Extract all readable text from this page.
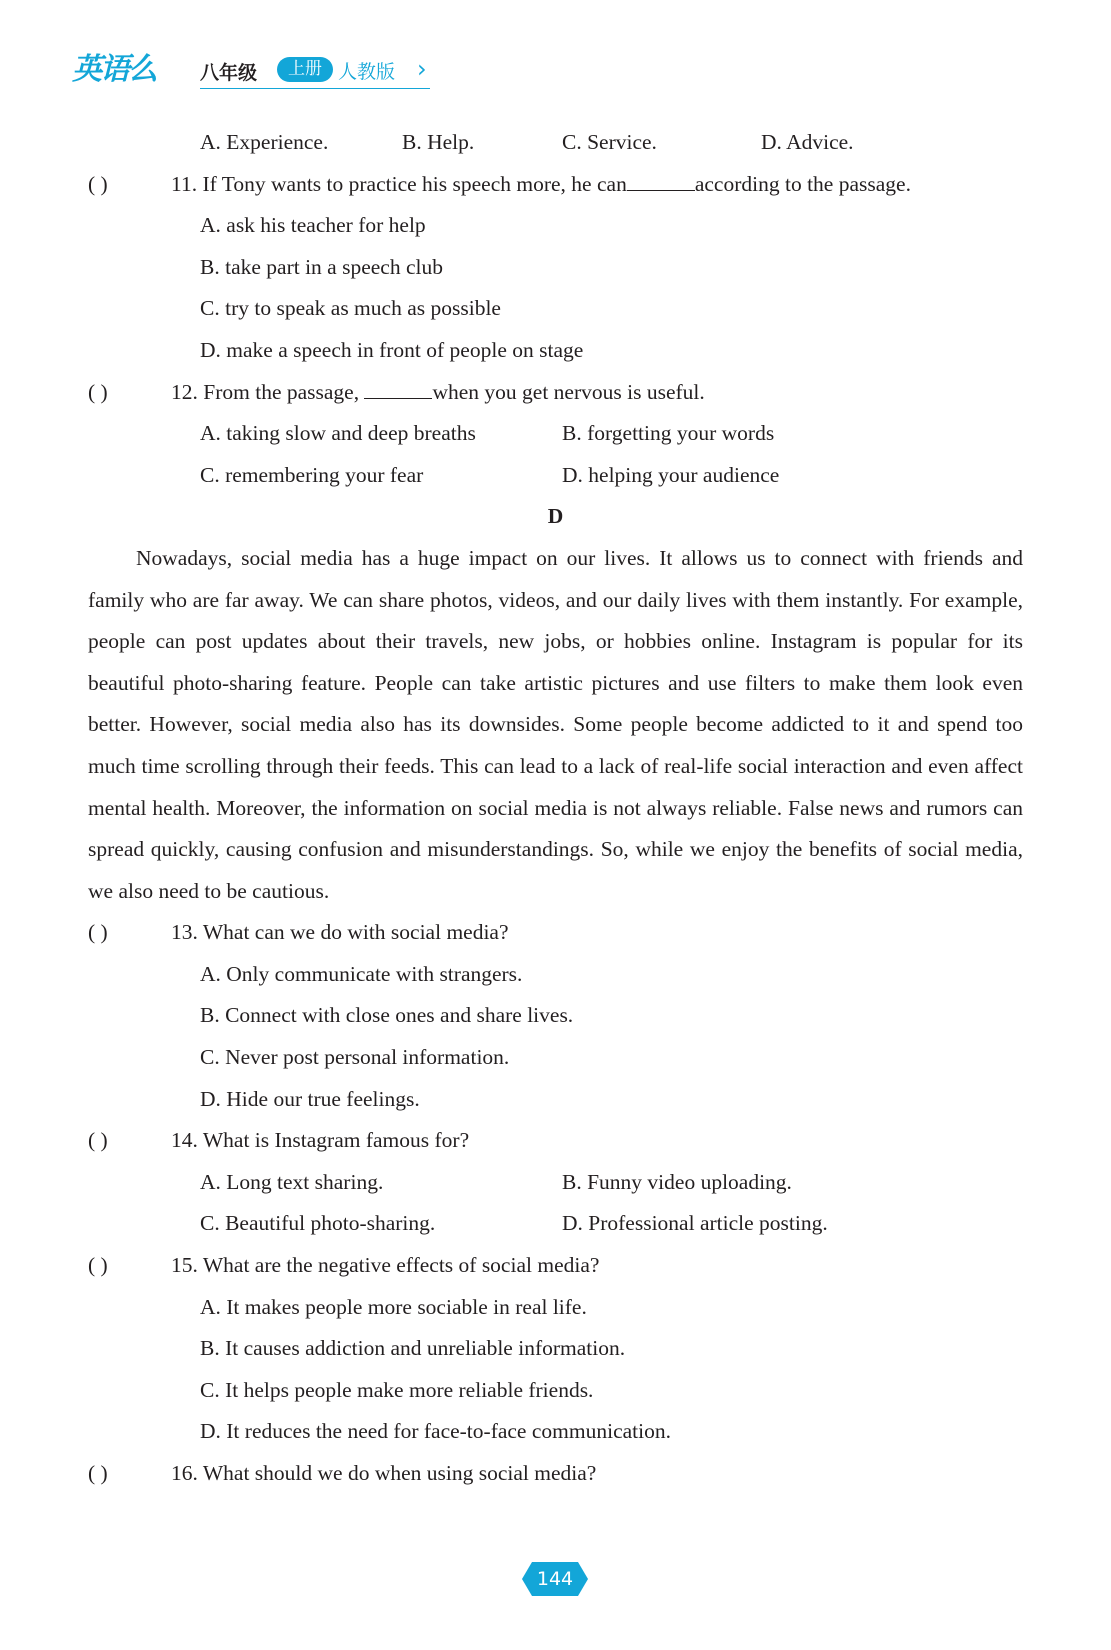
英语么 八年级	上册 人教版 ›
A. Experience.	B. Help.	C. Service.	D. Advice.
( )	11. If Tony wants to practice his speech more, he can	according to the passage.
A. ask his teacher for help
B. take part in a speech club
C. try to speak as much as possible
D. make a speech in front of people on stage
( )	12. From the passage,	when you get nervous is useful.
A. taking slow and deep breaths	B. forgetting your words
C. remembering your fear	D. helping your audience
D

Nowadays, social media has a huge impact on our lives. It allows us to connect with friends and family who are far away. We can share photos, videos, and our daily lives with them instantly. For example, people can post updates about their travels, new jobs, or hobbies online. Instagram is popular for its beautiful photo-sharing feature. People can take artistic pictures and use filters to make them look even better. However, social media also has its downsides. Some people become addicted to it and spend too much time scrolling through their feeds. This can lead to a lack of real-life social interaction and even affect mental health. Moreover, the information on social media is not always reliable. False news and rumors can spread quickly, causing confusion and misunderstandings. So, while we enjoy the benefits of social media, we also need to be cautious.

( )	13. What can we do with social media?
A. Only communicate with strangers.
B. Connect with close ones and share lives.
C. Never post personal information.
D. Hide our true feelings.
( )	14. What is Instagram famous for?
A. Long text sharing.	B. Funny video uploading.
C. Beautiful photo-sharing.	D. Professional article posting.
( )	15. What are the negative effects of social media?
A. It makes people more sociable in real life.
B. It causes addiction and unreliable information.
C. It helps people make more reliable friends.
D. It reduces the need for face-to-face communication.
( )	16. What should we do when using social media?
144
